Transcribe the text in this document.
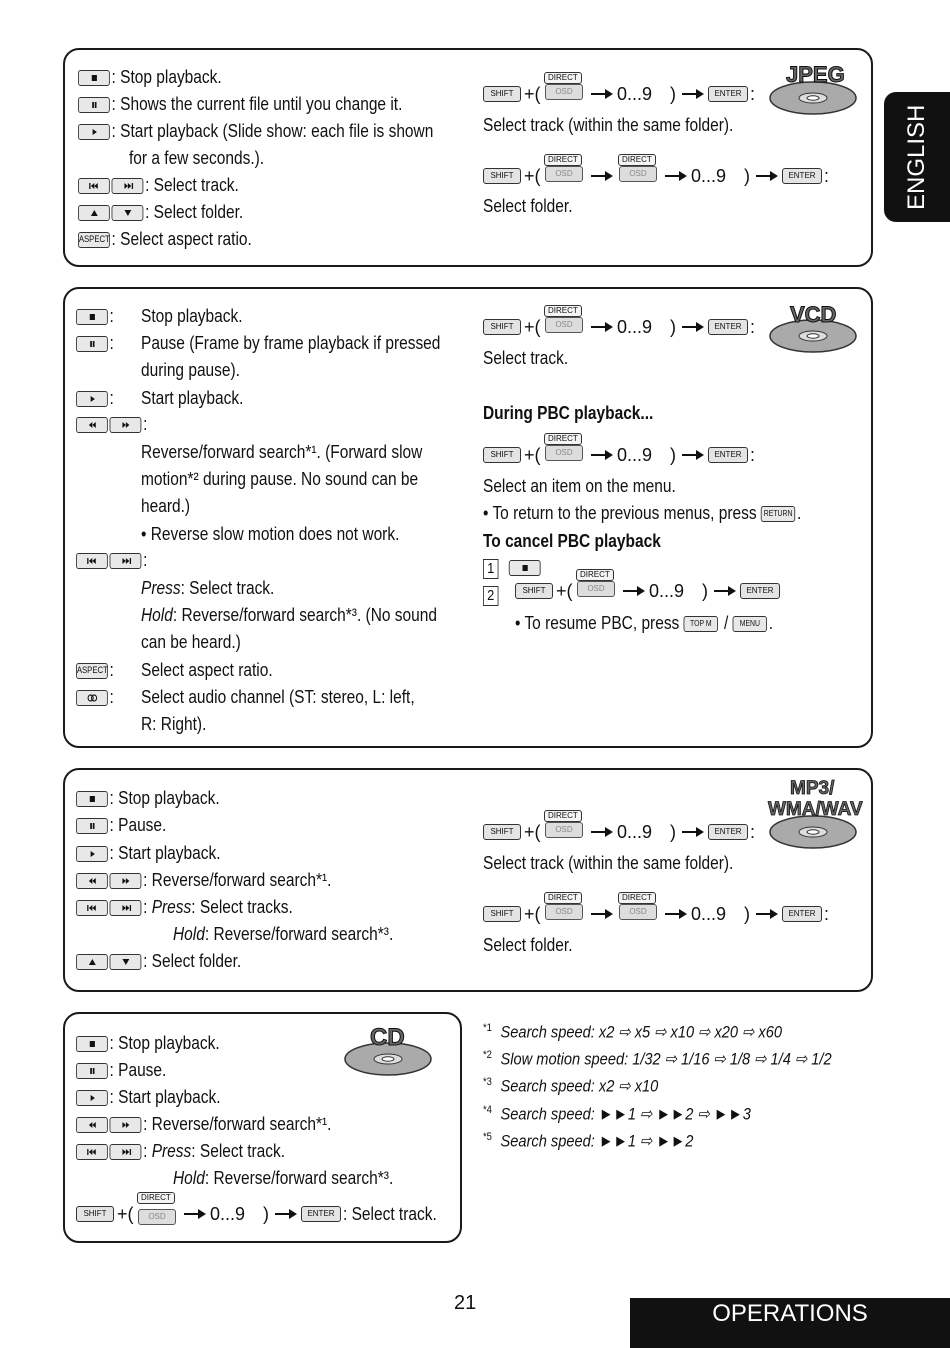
ENGLISH
: Stop playback.
: Shows the current file until you change it.
: Start playback (Slide show: each file is shown
for a few seconds.).
: Select track.
: Select folder.
ASPECT: Select aspect ratio.
JPEG
SHIFT +(
DIRECT
OSD	0...9 )	ENTER :
Select track (within the same folder).
SHIFT +(
DIRECT
OSD
DIRECT
OSD	0...9 )	ENTER :
Select folder.
: Stop playback.
: Pause (Frame by frame playback if pressed
during pause).
: Start playback.
:
Reverse/forward search*¹. (Forward slow
motion*² during pause. No sound can be
heard.)
• Reverse slow motion does not work.
:
Press: Select track.
Hold: Reverse/forward search*³. (No sound
can be heard.)
ASPECT: Select aspect ratio.
: Select audio channel (ST: stereo, L: left,
R: Right).
VCD
SHIFT +(
DIRECT
OSD	0...9 )	ENTER :
Select track.
During PBC playback...
SHIFT +(
DIRECT
OSD	0...9 )	ENTER :
Select an item on the menu.
• To return to the previous menus, press RETURN .
To cancel PBC playback
1
2	SHIFT +(
DIRECT
OSD	0...9 )	ENTER
• To resume PBC, press TOP M / MENU .
: Stop playback.
: Pause.
: Start playback.
: Reverse/forward search*¹.
: Press: Select tracks.
Hold: Reverse/forward search*³.
: Select folder.
MP3/
WMA/WAV
SHIFT +(
DIRECT
OSD	0...9 )	ENTER :
Select track (within the same folder).
SHIFT +(
DIRECT
OSD
DIRECT
OSD	0...9 )	ENTER :
Select folder.
: Stop playback.
: Pause.
: Start playback.
: Reverse/forward search*¹.
: Press: Select track.
Hold: Reverse/forward search*³.
SHIFT +(
DIRECT
OSD	0...9 )	ENTER : Select track.
CD	$^{*1}$ Search speed: x2 ⇨ x5 ⇨ x10 ⇨ x20 ⇨ x60
$^{*2}$ Slow motion speed: 1/32 ⇨ 1/16 ⇨ 1/8 ⇨ 1/4 ⇨ 1/2
$^{*3}$ Search speed: x2 ⇨ x10
$^{*4}$ Search speed: ►►1 ⇨ ►►2 ⇨ ►►3
$^{*5}$ Search speed: ►►1 ⇨ ►►2
21	OPERATIONS
